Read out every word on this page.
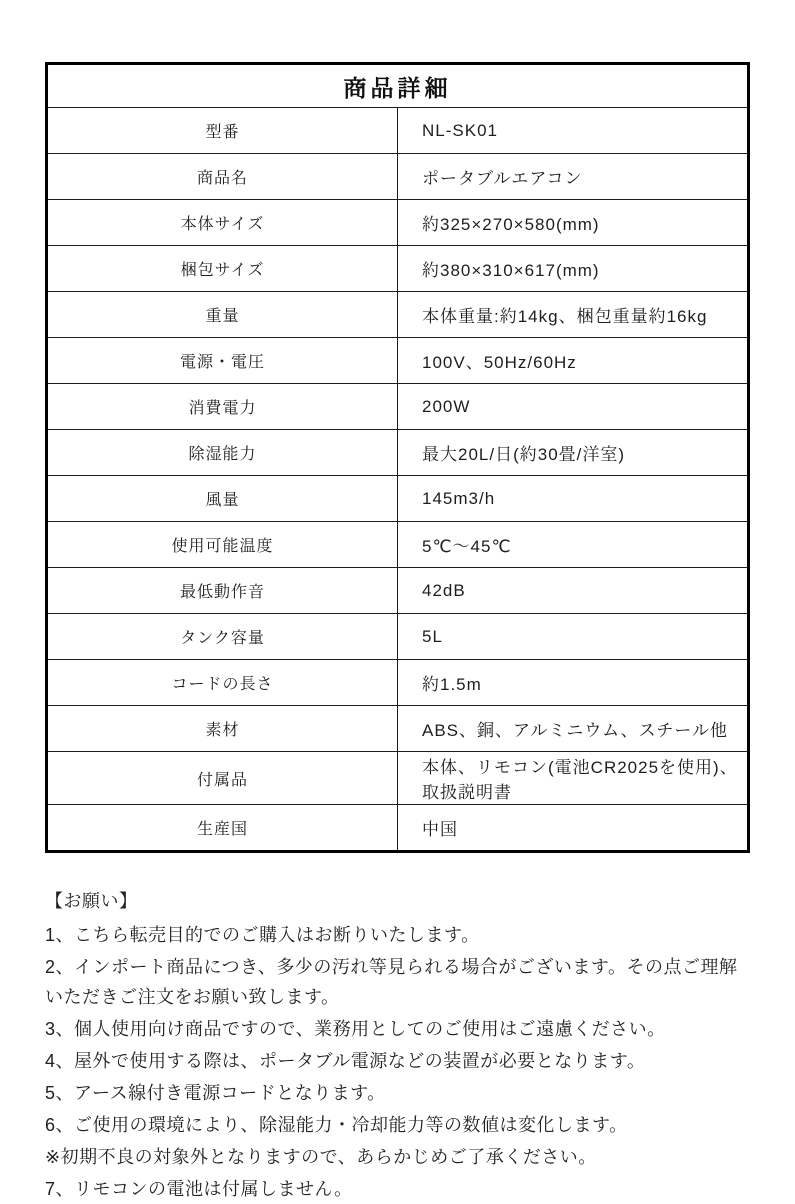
商品詳細	
型番	NL-SK01
商品名	ポータブルエアコン
本体サイズ	約325×270×580(mm)
梱包サイズ	約380×310×617(mm)
重量	本体重量:約14kg、梱包重量約16kg
電源・電圧	100V、50Hz/60Hz
消費電力	200W
除湿能力	最大20L/日(約30畳/洋室)
風量	145m3/h
使用可能温度	5℃～45℃
最低動作音	42dB
タンク容量	5L
コードの長さ	約1.5m
素材	ABS、銅、アルミニウム、スチール他
付属品	本体、リモコン(電池CR2025を使用)、取扱説明書
生産国	中国

【お願い】

1、こちら転売目的でのご購入はお断りいたします。

2、インポート商品につき、多少の汚れ等見られる場合がございます。その点ご理解いただきご注文をお願い致します。

3、個人使用向け商品ですので、業務用としてのご使用はご遠慮ください。

4、屋外で使用する際は、ポータブル電源などの装置が必要となります。

5、アース線付き電源コードとなります。

6、ご使用の環境により、除湿能力・冷却能力等の数値は変化します。

※初期不良の対象外となりますので、あらかじめご了承ください。

7、リモコンの電池は付属しません。
